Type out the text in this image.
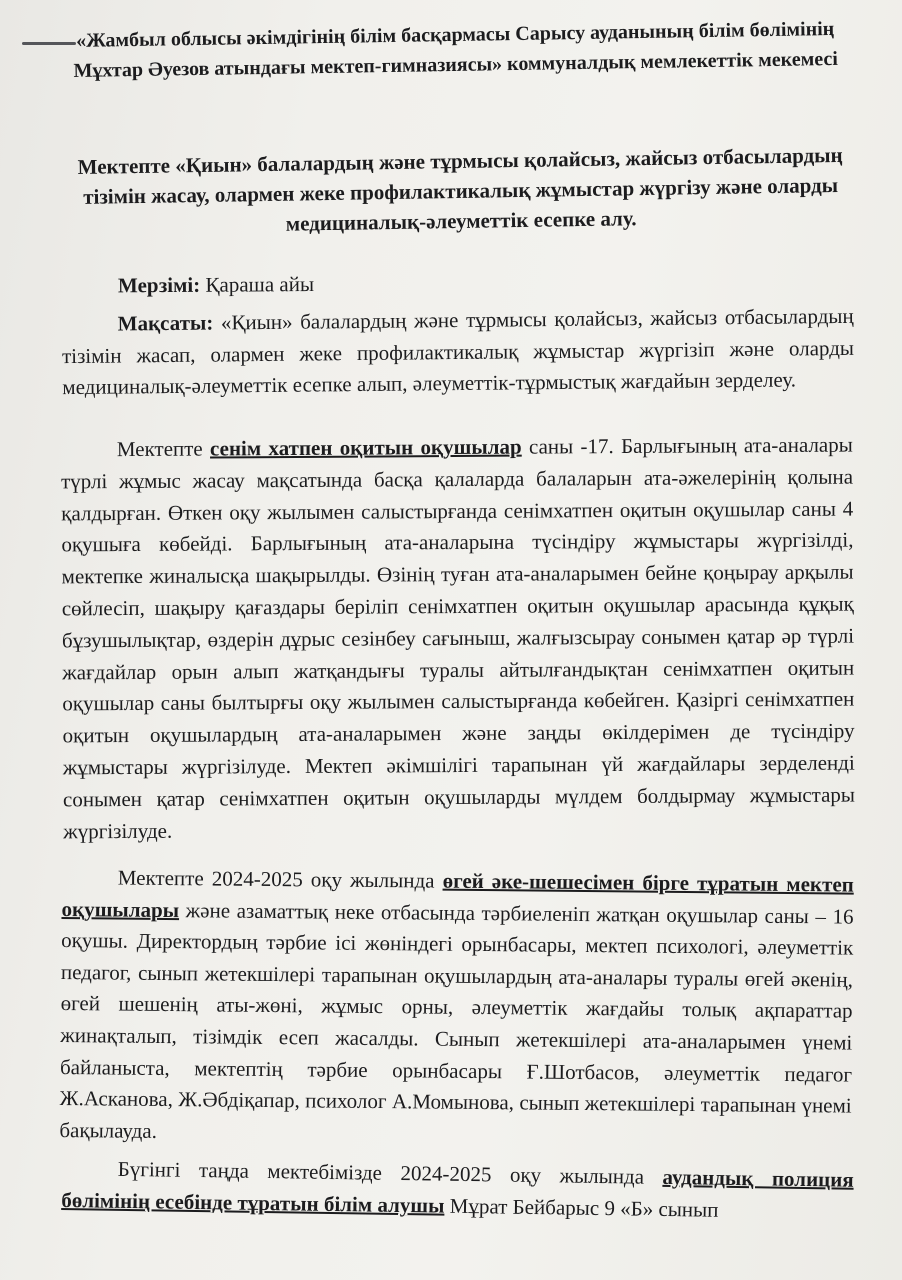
«Жамбыл облысы әкімдігінің білім басқармасы Сарысу ауданының білім бөлімінің Мұхтар Әуезов атындағы мектеп-гимназиясы» коммуналдық мемлекеттік мекемесі
Мектепте «Қиын» балалардың және тұрмысы қолайсыз, жайсыз отбасылардың тізімін жасау, олармен жеке профилактикалық жұмыстар жүргізу және оларды медициналық-әлеуметтік есепке алу.
Мерзімі: Қараша айы
Мақсаты: «Қиын» балалардың және тұрмысы қолайсыз, жайсыз отбасылардың тізімін жасап, олармен жеке профилактикалық жұмыстар жүргізіп және оларды медициналық-әлеуметтік есепке алып, әлеуметтік-тұрмыстық жағдайын зерделеу.
Мектепте сенім хатпен оқитын оқушылар саны -17. Барлығының ата-аналары түрлі жұмыс жасау мақсатында басқа қалаларда балаларын ата-әжелерінің қолына қалдырған. Өткен оқу жылымен салыстырғанда сенімхатпен оқитын оқушылар саны 4 оқушыға көбейді. Барлығының ата-аналарына түсіндіру жұмыстары жүргізілді, мектепке жиналысқа шақырылды. Өзінің туған ата-аналарымен бейне қоңырау арқылы сөйлесіп, шақыру қағаздары беріліп сенімхатпен оқитын оқушылар арасында құқық бұзушылықтар, өздерін дұрыс сезінбеу сағыныш, жалғызсырау сонымен қатар әр түрлі жағдайлар орын алып жатқандығы туралы айтылғандықтан сенімхатпен оқитын оқушылар саны былтырғы оқу жылымен салыстырғанда көбейген. Қазіргі сенімхатпен оқитын оқушылардың ата-аналарымен және заңды өкілдерімен де түсіндіру жұмыстары жүргізілуде. Мектеп әкімшілігі тарапынан үй жағдайлары зерделенді сонымен қатар сенімхатпен оқитын оқушыларды мүлдем болдырмау жұмыстары жүргізілуде.
Мектепте 2024-2025 оқу жылында өгей әке-шешесімен бірге тұратын мектеп оқушылары және азаматтық неке отбасында тәрбиеленіп жатқан оқушылар саны – 16 оқушы. Директордың тәрбие ісі жөніндегі орынбасары, мектеп психологі, әлеуметтік педагог, сынып жетекшілері тарапынан оқушылардың ата-аналары туралы өгей әкенің, өгей шешенің аты-жөні, жұмыс орны, әлеуметтік жағдайы толық ақпараттар жинақталып, тізімдік есеп жасалды. Сынып жетекшілері ата-аналарымен үнемі байланыста, мектептің тәрбие орынбасары Ғ.Шотбасов, әлеуметтік педагог Ж.Асканова, Ж.Әбдіқапар, психолог А.Момынова, сынып жетекшілері тарапынан үнемі бақылауда.
Бүгінгі таңда мектебімізде 2024-2025 оқу жылында аудандық полиция бөлімінің есебінде тұратын білім алушы Мұрат Бейбарыс 9 «Б» сынып
